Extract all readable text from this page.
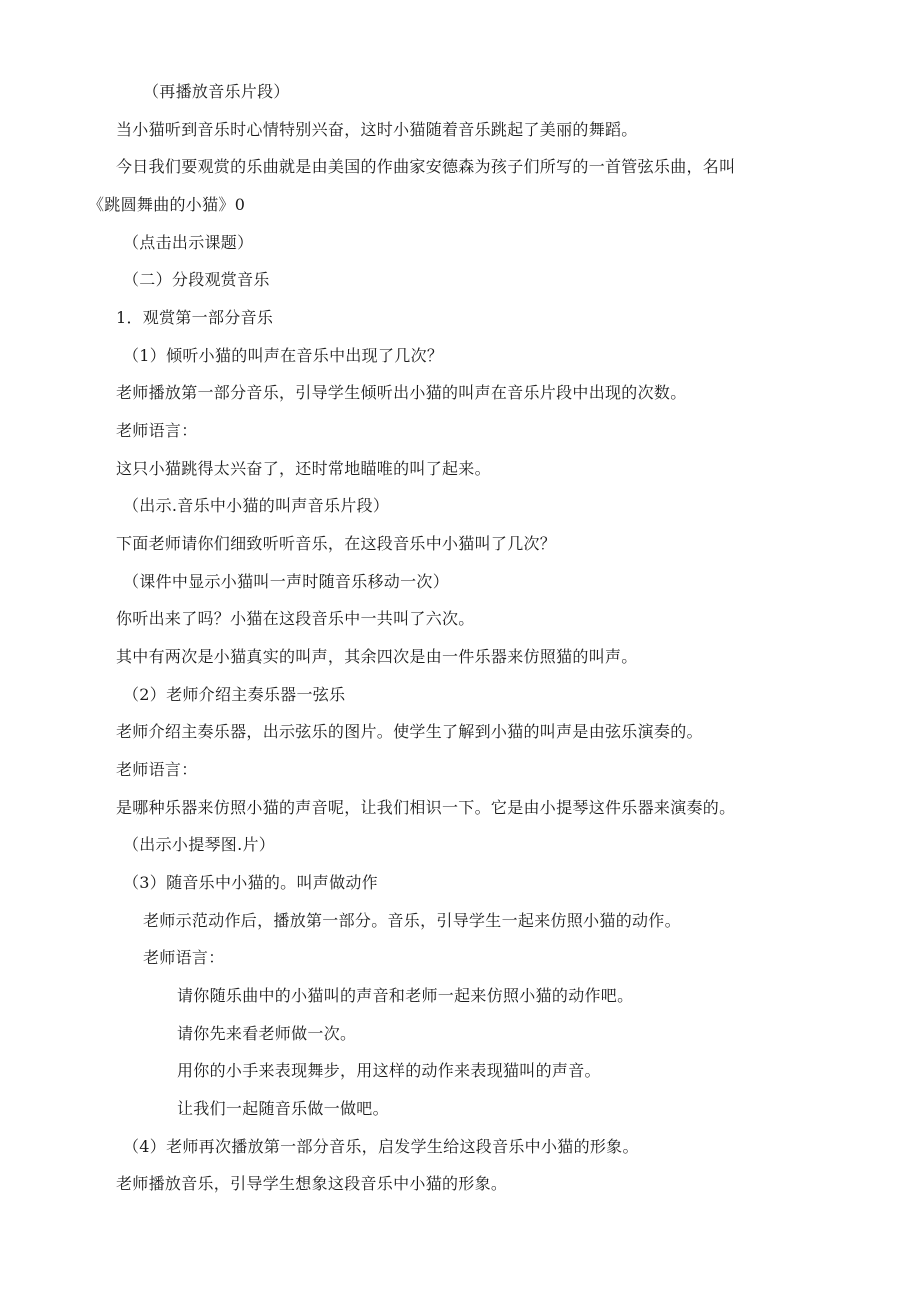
（再播放音乐片段）
当小猫听到音乐时心情特别兴奋，这时小猫随着音乐跳起了美丽的舞蹈。
今日我们要观赏的乐曲就是由美国的作曲家安德森为孩子们所写的一首管弦乐曲，名叫
《跳圆舞曲的小猫》0
（点击出示课题）
（二）分段观赏音乐
1．观赏第一部分音乐
（1）倾听小猫的叫声在音乐中出现了几次？
老师播放第一部分音乐，引导学生倾听出小猫的叫声在音乐片段中出现的次数。
老师语言：
这只小猫跳得太兴奋了，还时常地瞄唯的叫了起来。
（出示.音乐中小猫的叫声音乐片段）
下面老师请你们细致听听音乐，在这段音乐中小猫叫了几次？
（课件中显示小猫叫一声时随音乐移动一次）
你听出来了吗？小猫在这段音乐中一共叫了六次。
其中有两次是小猫真实的叫声，其余四次是由一件乐器来仿照猫的叫声。
（2）老师介绍主奏乐器一弦乐
老师介绍主奏乐器，出示弦乐的图片。使学生了解到小猫的叫声是由弦乐演奏的。
老师语言：
是哪种乐器来仿照小猫的声音呢，让我们相识一下。它是由小提琴这件乐器来演奏的。
（出示小提琴图.片）
（3）随音乐中小猫的。叫声做动作
老师示范动作后，播放第一部分。音乐，引导学生一起来仿照小猫的动作。
老师语言：
请你随乐曲中的小猫叫的声音和老师一起来仿照小猫的动作吧。
请你先来看老师做一次。
用你的小手来表现舞步，用这样的动作来表现猫叫的声音。
让我们一起随音乐做一做吧。
（4）老师再次播放第一部分音乐，启发学生给这段音乐中小猫的形象。
老师播放音乐，引导学生想象这段音乐中小猫的形象。
